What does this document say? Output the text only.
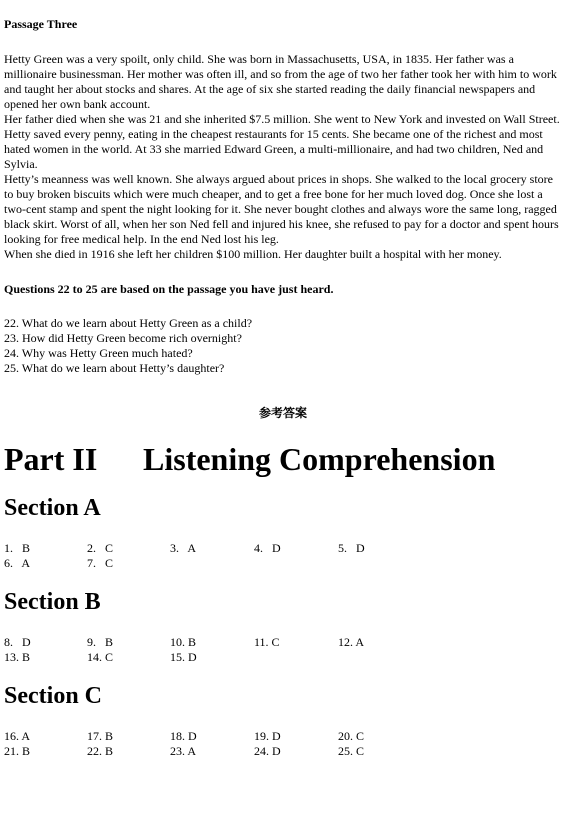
Passage Three

Hetty Green was a very spoilt, only child. She was born in Massachusetts, USA, in 1835. Her father was a millionaire businessman. Her mother was often ill, and so from the age of two her father took her with him to work and taught her about stocks and shares. At the age of six she started reading the daily financial newspapers and opened her own bank account.

Her father died when she was 21 and she inherited $7.5 million. She went to New York and invested on Wall Street. Hetty saved every penny, eating in the cheapest restaurants for 15 cents. She became one of the richest and most hated women in the world. At 33 she married Edward Green, a multi-millionaire, and had two children, Ned and Sylvia.

Hetty’s meanness was well known. She always argued about prices in shops. She walked to the local grocery store to buy broken biscuits which were much cheaper, and to get a free bone for her much loved dog. Once she lost a two-cent stamp and spent the night looking for it. She never bought clothes and always wore the same long, ragged black skirt. Worst of all, when her son Ned fell and injured his knee, she refused to pay for a doctor and spent hours looking for free medical help. In the end Ned lost his leg.

When she died in 1916 she left her children $100 million. Her daughter built a hospital with her money.

Questions 22 to 25 are based on the passage you have just heard.
22. What do we learn about Hetty Green as a child?
23. How did Hetty Green become rich overnight?
24. Why was Hetty Green much hated?
25. What do we learn about Hetty’s daughter?
参考答案
Part II Listening Comprehension
Section A
1.   B	2.   C	3.   A	4.   D	5.   D
6.   A	7.   C
Section B
8.   D	9.   B	10. B	11. C	12. A
13. B	14. C	15. D
Section C
16. A	17. B	18. D	19. D	20. C
21. B	22. B	23. A	24. D	25. C
